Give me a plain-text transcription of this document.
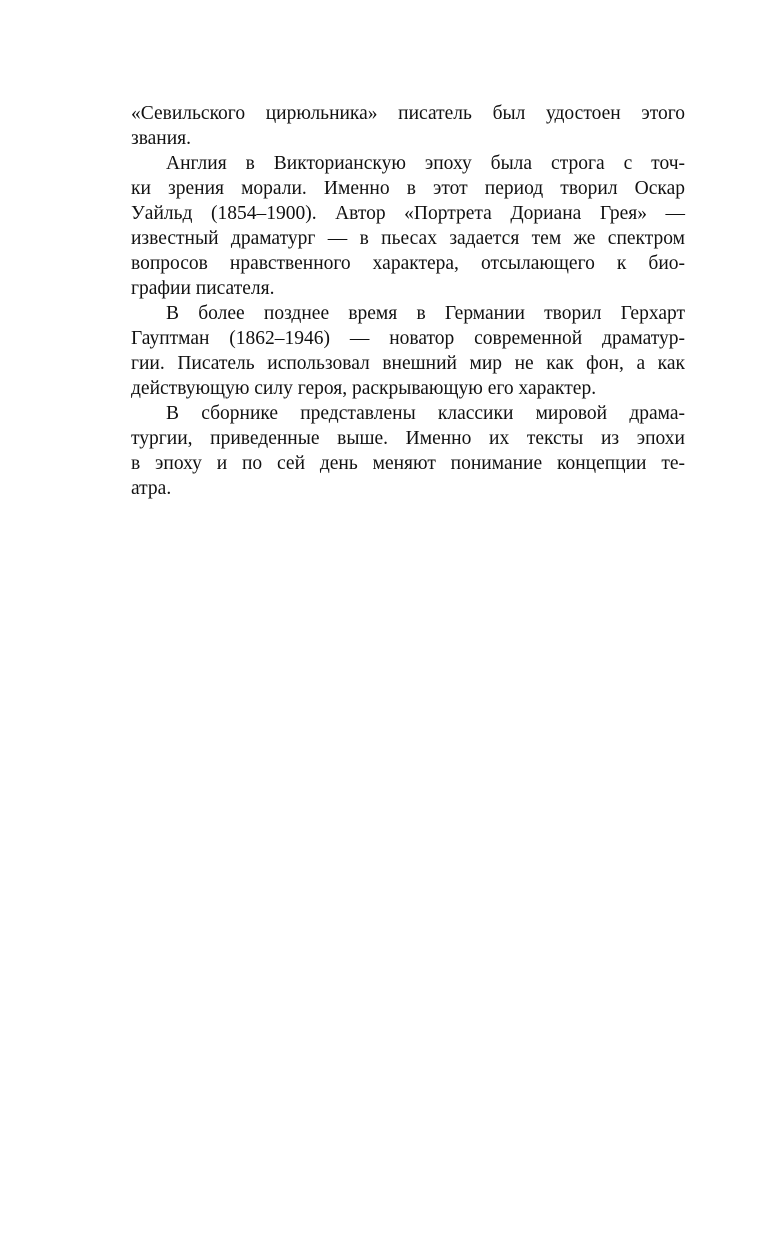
«Севильского цирюльника» писатель был удостоен этого
звания.
Англия в Викторианскую эпоху была строга с точ-
ки зрения морали. Именно в этот период творил Оскар
Уайльд (1854–1900). Автор «Портрета Дориана Грея» —
известный драматург — в пьесах задается тем же спектром
вопросов нравственного характера, отсылающего к био-
графии писателя.
В более позднее время в Германии творил Герхарт
Гауптман (1862–1946) — новатор современной драматур-
гии. Писатель использовал внешний мир не как фон, а как
действующую силу героя, раскрывающую его характер.
В сборнике представлены классики мировой драма-
тургии, приведенные выше. Именно их тексты из эпохи
в эпоху и по сей день меняют понимание концепции те-
атра.
